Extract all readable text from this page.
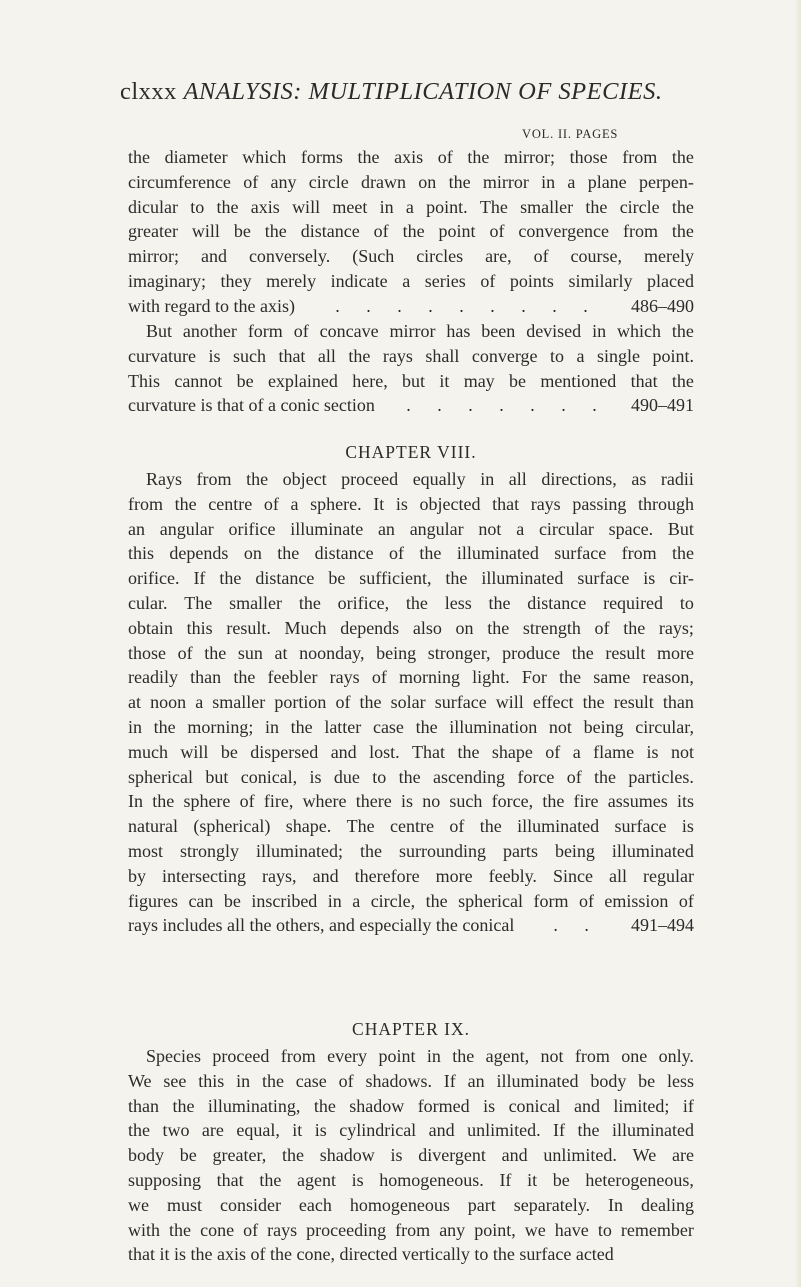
clxxx ANALYSIS: MULTIPLICATION OF SPECIES.
VOL. II. PAGES
the diameter which forms the axis of the mirror; those from the
circumference of any circle drawn on the mirror in a plane perpen-
dicular to the axis will meet in a point. The smaller the circle the
greater will be the distance of the point of convergence from the
mirror; and conversely. (Such circles are, of course, merely
imaginary; they merely indicate a series of points similarly placed
with regard to the axis)	. . . . . . . . .	486–490
But another form of concave mirror has been devised in which the
curvature is such that all the rays shall converge to a single point.
This cannot be explained here, but it may be mentioned that the
curvature is that of a conic section	. . . . . . .	490–491
CHAPTER VIII.
Rays from the object proceed equally in all directions, as radii
from the centre of a sphere. It is objected that rays passing through
an angular orifice illuminate an angular not a circular space. But
this depends on the distance of the illuminated surface from the
orifice. If the distance be sufficient, the illuminated surface is cir-
cular. The smaller the orifice, the less the distance required to
obtain this result. Much depends also on the strength of the rays;
those of the sun at noonday, being stronger, produce the result more
readily than the feebler rays of morning light. For the same reason,
at noon a smaller portion of the solar surface will effect the result than
in the morning; in the latter case the illumination not being circular,
much will be dispersed and lost. That the shape of a flame is not
spherical but conical, is due to the ascending force of the particles.
In the sphere of fire, where there is no such force, the fire assumes its
natural (spherical) shape. The centre of the illuminated surface is
most strongly illuminated; the surrounding parts being illuminated
by intersecting rays, and therefore more feebly. Since all regular
figures can be inscribed in a circle, the spherical form of emission of
rays includes all the others, and especially the conical	. .	491–494
CHAPTER IX.
Species proceed from every point in the agent, not from one only.
We see this in the case of shadows. If an illuminated body be less
than the illuminating, the shadow formed is conical and limited; if
the two are equal, it is cylindrical and unlimited. If the illuminated
body be greater, the shadow is divergent and unlimited. We are
supposing that the agent is homogeneous. If it be heterogeneous,
we must consider each homogeneous part separately. In dealing
with the cone of rays proceeding from any point, we have to remember
that it is the axis of the cone, directed vertically to the surface acted
